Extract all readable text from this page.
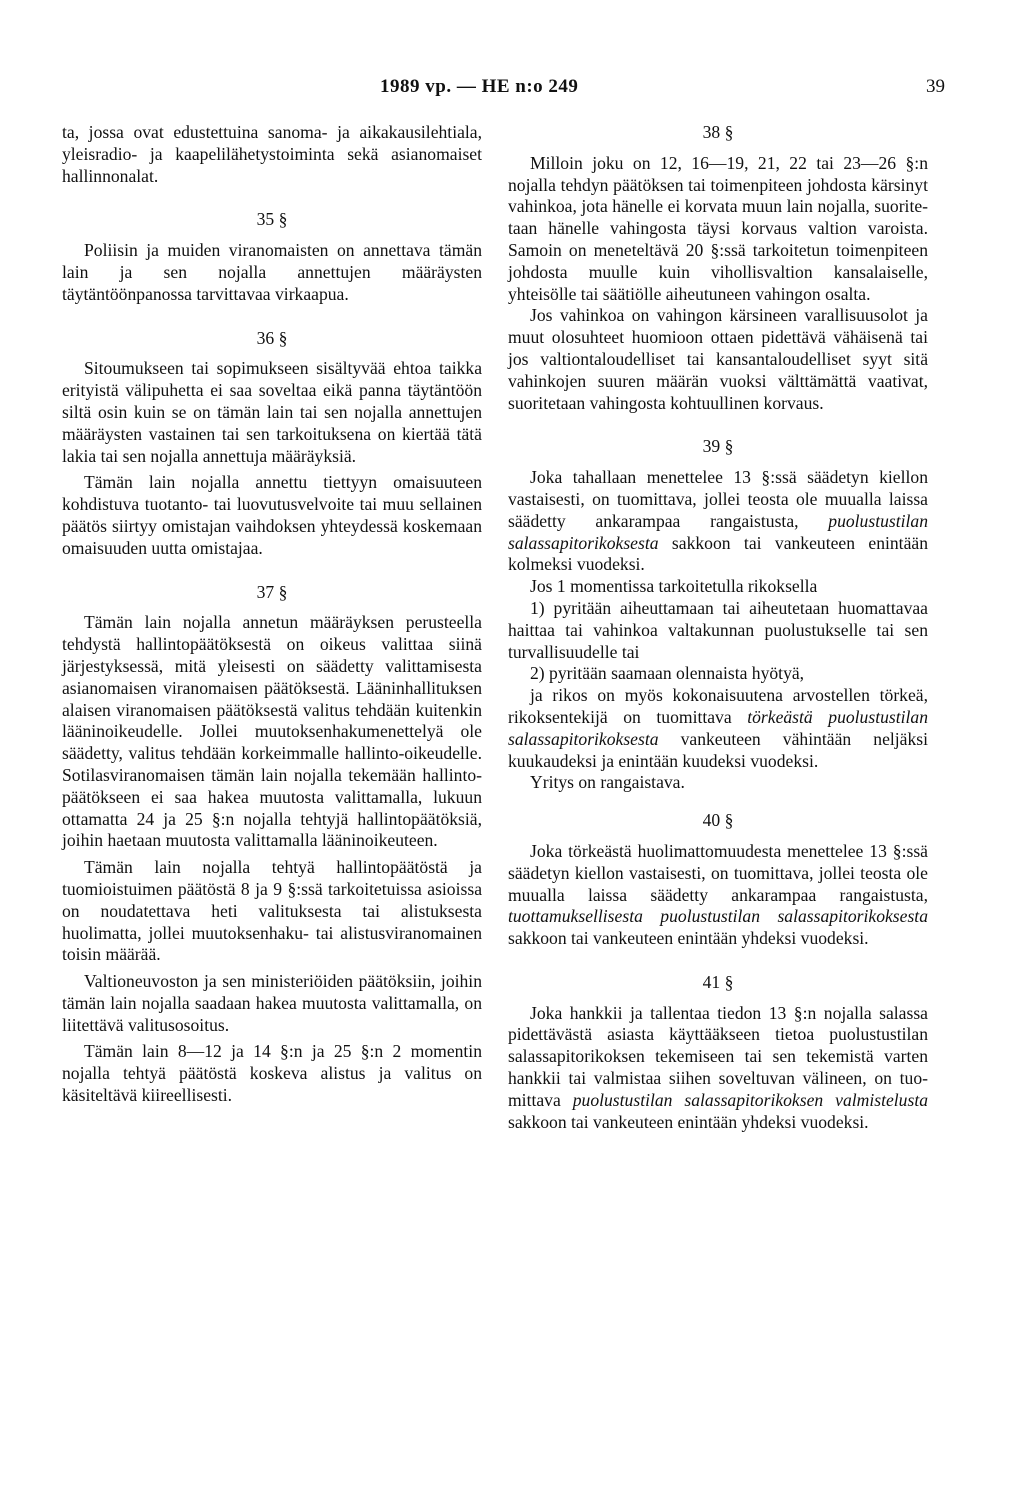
1989 vp. — HE n:o 249	39

ta, jossa ovat edustettuina sanoma- ja aikakausilehtiala, yleisradio- ja kaapelilähetystoiminta sekä asianomaiset hallinnonalat.

35 §

Poliisin ja muiden viranomaisten on annettava tämän lain ja sen nojalla annettujen määräysten täytäntöönpanossa tarvittavaa virkaapua.

36 §

Sitoumukseen tai sopimukseen sisältyvää ehtoa taikka erityistä välipuhetta ei saa soveltaa eikä panna täytäntöön siltä osin kuin se on tämän lain tai sen nojalla annettujen määräysten vastainen tai sen tarkoituksena on kiertää tätä lakia tai sen nojalla annettuja määräyksiä.

Tämän lain nojalla annettu tiettyyn omaisuuteen kohdistuva tuotanto- tai luovutusvelvoite tai muu sellainen päätös siirtyy omistajan vaihdoksen yhteydessä koskemaan omaisuuden uutta omistajaa.

37 §

Tämän lain nojalla annetun määräyksen perusteella tehdystä hallintopäätöksestä on oikeus valittaa siinä järjestyksessä, mitä yleisesti on säädetty valittamisesta asianomaisen viranomaisen päätöksestä. Lääninhallituksen alaisen viranomaisen päätöksestä valitus tehdään kuitenkin lääninoikeudelle. Jollei muutoksenhakumenettelyä ole säädetty, valitus tehdään korkeimmalle hallinto-oikeudelle. Sotilasviranomaisen tämän lain nojalla tekemään hallintopäätökseen ei saa hakea muutosta valittamalla, lukuun ottamatta 24 ja 25 §:n nojalla tehtyjä hallintopäätöksiä, joihin haetaan muutosta valittamalla lääninoikeuteen.

Tämän lain nojalla tehtyä hallintopäätöstä ja tuomioistuimen päätöstä 8 ja 9 §:ssä tarkoitetuissa asioissa on noudatettava heti valituksesta tai alistuksesta huolimatta, jollei muutoksenhaku- tai alistusviranomainen toisin määrää.

Valtioneuvoston ja sen ministeriöiden päätöksiin, joihin tämän lain nojalla saadaan hakea muutosta valittamalla, on liitettävä valitusosoitus.

Tämän lain 8—12 ja 14 §:n ja 25 §:n 2 momentin nojalla tehtyä päätöstä koskeva alistus ja valitus on käsiteltävä kiireellisesti.

38 §

Milloin joku on 12, 16—19, 21, 22 tai 23—26 §:n nojalla tehdyn päätöksen tai toimenpiteen johdosta kärsinyt vahinkoa, jota hänelle ei korvata muun lain nojalla, suoritetaan hänelle vahingosta täysi korvaus valtion varoista. Samoin on meneteltävä 20 §:ssä tarkoitetun toimenpiteen johdosta muulle kuin vihollisvaltion kansalaiselle, yhteisölle tai säätiölle aiheutuneen vahingon osalta.

Jos vahinkoa on vahingon kärsineen varallisuusolot ja muut olosuhteet huomioon ottaen pidettävä vähäisenä tai jos valtiontaloudelliset tai kansantaloudelliset syyt sitä vahinkojen suuren määrän vuoksi välttämättä vaativat, suoritetaan vahingosta kohtuullinen korvaus.

39 §

Joka tahallaan menettelee 13 §:ssä säädetyn kiellon vastaisesti, on tuomittava, jollei teosta ole muualla laissa säädetty ankarampaa rangaistusta, puolustustilan salassapitorikoksesta sakkoon tai vankeuteen enintään kolmeksi vuodeksi.

Jos 1 momentissa tarkoitetulla rikoksella

1) pyritään aiheuttamaan tai aiheutetaan huomattavaa haittaa tai vahinkoa valtakunnan puolustukselle tai sen turvallisuudelle tai

2) pyritään saamaan olennaista hyötyä,

ja rikos on myös kokonaisuutena arvostellen törkeä, rikoksentekijä on tuomittava törkeästä puolustustilan salassapitorikoksesta vankeuteen vähintään neljäksi kuukaudeksi ja enintään kuudeksi vuodeksi.

Yritys on rangaistava.

40 §

Joka törkeästä huolimattomuudesta menettelee 13 §:ssä säädetyn kiellon vastaisesti, on tuomittava, jollei teosta ole muualla laissa säädetty ankarampaa rangaistusta, tuottamuksellisesta puolustustilan salassapitorikoksesta sakkoon tai vankeuteen enintään yhdeksi vuodeksi.

41 §

Joka hankkii ja tallentaa tiedon 13 §:n nojalla salassa pidettävästä asiasta käyttääkseen tietoa puolustustilan salassapitorikoksen tekemiseen tai sen tekemistä varten hankkii tai valmistaa siihen soveltuvan välineen, on tuomittava puolustustilan salassapitorikoksen valmistelusta sakkoon tai vankeuteen enintään yhdeksi vuodeksi.
